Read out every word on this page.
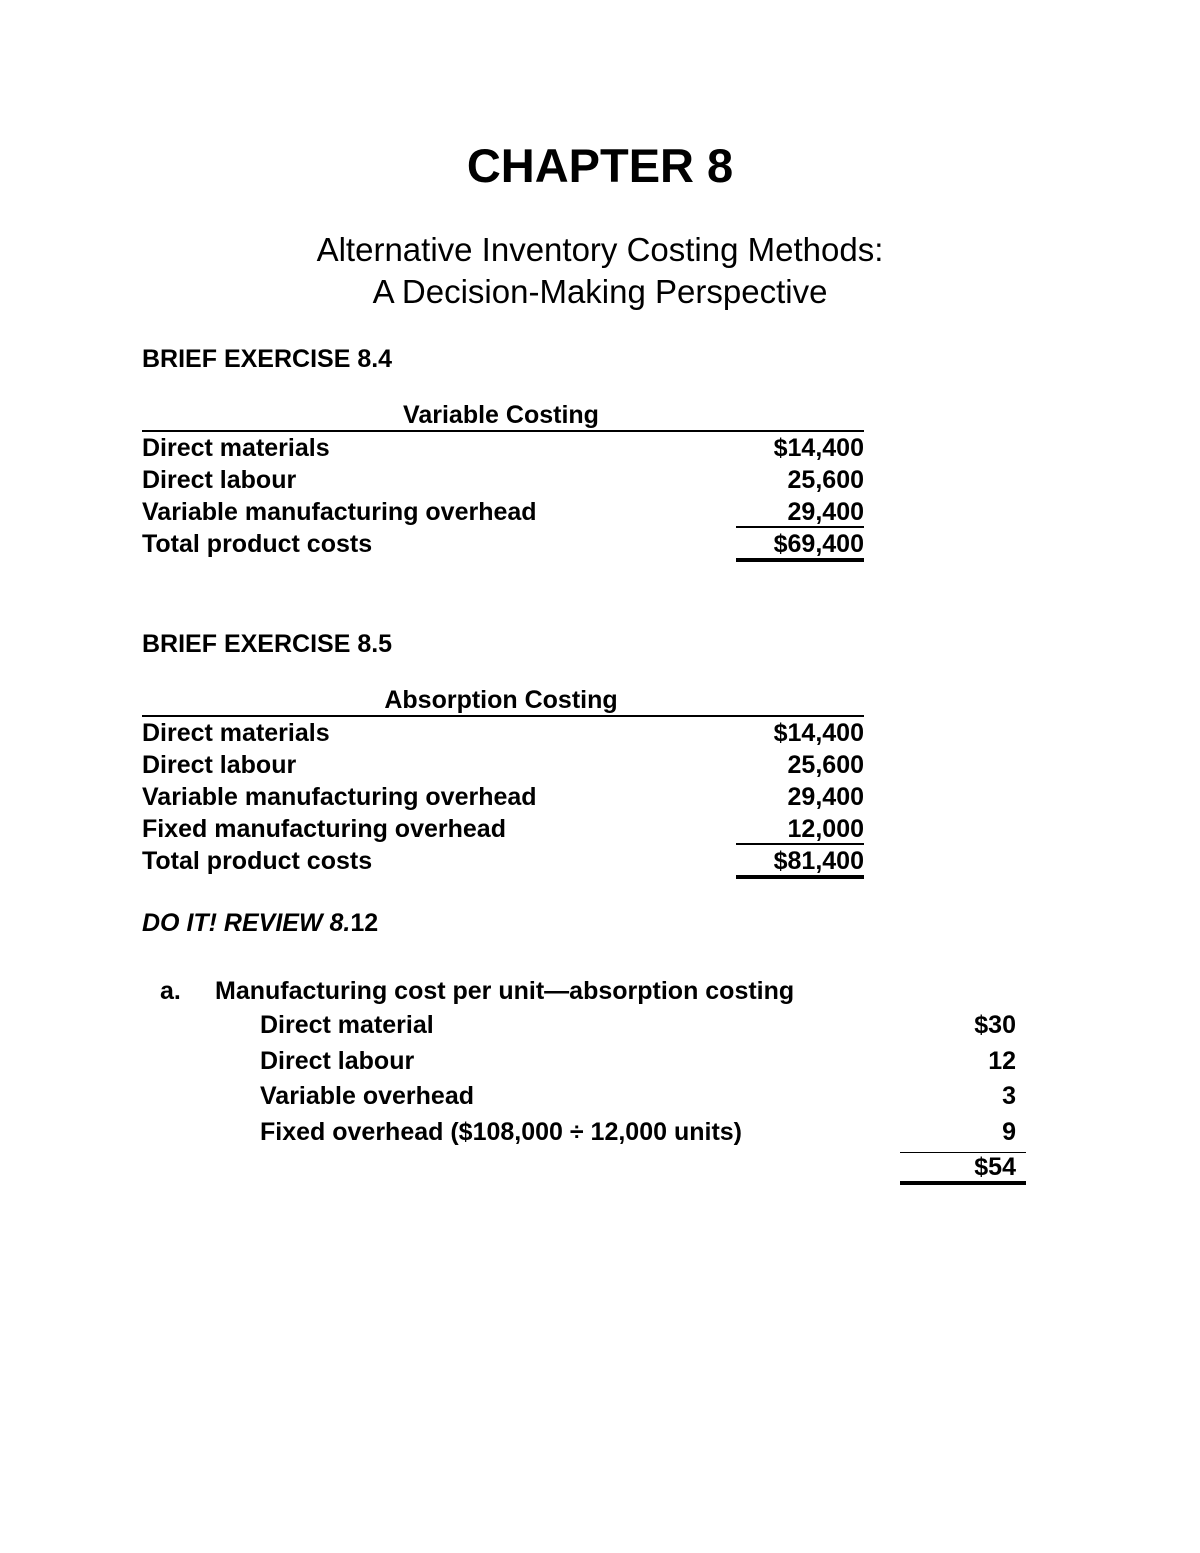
CHAPTER 8
Alternative Inventory Costing Methods:
A Decision-Making Perspective
BRIEF EXERCISE 8.4
Variable Costing
Direct materials	$14,400
Direct labour	25,600
Variable manufacturing overhead	29,400
Total product costs	$69,400
BRIEF EXERCISE 8.5
Absorption Costing
Direct materials	$14,400
Direct labour	25,600
Variable manufacturing overhead	29,400
Fixed manufacturing overhead	12,000
Total product costs	$81,400
DO IT! REVIEW 8.12
a. Manufacturing cost per unit—absorption costing
Direct material	$30
Direct labour	12
Variable overhead	3
Fixed overhead ($108,000 ÷ 12,000 units)	9
$54
